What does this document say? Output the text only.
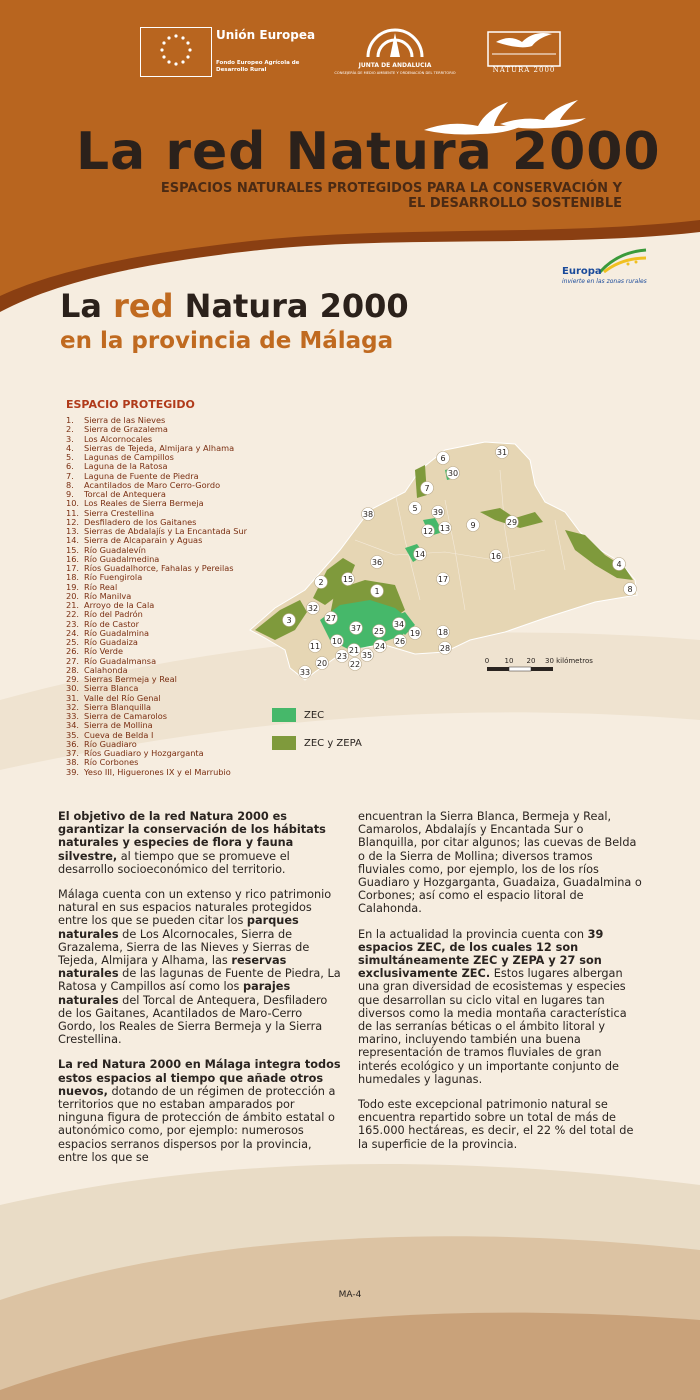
Unión Europea
Fondo Europeo Agrícola de Desarrollo Rural
JUNTA DE ANDALUCIA
CONSEJERÍA DE MEDIO AMBIENTE Y ORDENACIÓN DEL TERRITORIO	NATURA 2000
La red Natura 2000
ESPACIOS NATURALES PROTEGIDOS PARA LA CONSERVACIÓN Y
EL DESARROLLO SOSTENIBLE
Europa
invierte en las zonas rurales
La red Natura 2000
en la provincia de Málaga
ESPACIO PROTEGIDO
1.	Sierra de las Nieves
2.	Sierra de Grazalema
3.	Los Alcornocales
4.	Sierras de Tejeda, Almijara y Alhama
5.	Lagunas de Campillos
6.	Laguna de la Ratosa
7.	Laguna de Fuente de Piedra
8.	Acantilados de Maro Cerro-Gordo
9.	Torcal de Antequera
10. Los Reales de Sierra Bermeja
11. Sierra Crestellina
12. Desfiladero de los Gaitanes
13. Sierras de Abdalajís y La Encantada Sur
14. Sierra de Alcaparain y Aguas
15. Río Guadalevín
16. Río Guadalmedina
17. Ríos Guadalhorce, Fahalas y Pereilas
18. Río Fuengirola
19. Río Real
20. Río Manilva
21. Arroyo de la Cala
22. Río del Padrón
23. Río de Castor
24. Río Guadalmina
25. Río Guadaiza
26. Río Verde
27. Río Guadalmansa
28. Calahonda
29. Sierras Bermeja y Real
30. Sierra Blanca
31. Valle del Río Genal
32. Sierra Blanquilla
33. Sierra de Camarolos
34. Sierra de Mollina
35. Cueva de Belda I
36. Río Guadiaro
37. Ríos Guadiaro y Hozgarganta
38. Río Corbones
39. Yeso III, Higuerones IX y el Marrubio
1
2
3
4
5
6
7
8
9
10
11
12 13
14
15
16
17
18
19
20
21
22
23
24
25
26
27
28
29
30
31
32
33
34
35
36
37
38	39
0 10 20 30 kilómetros
ZEC
ZEC y ZEPA

El objetivo de la red Natura 2000 es garantizar la conservación de los hábitats naturales y especies de flora y fauna silvestre, al tiempo que se promueve el desarrollo socioeconómico del territorio.

Málaga cuenta con un extenso y rico patrimonio natural en sus espacios naturales protegidos entre los que se pueden citar los parques naturales de Los Alcornocales, Sierra de Grazalema, Sierra de las Nieves y Sierras de Tejeda, Almijara y Alhama, las reservas naturales de las lagunas de Fuente de Piedra, La Ratosa y Campillos así como los parajes naturales del Torcal de Antequera, Desfiladero de los Gaitanes, Acantilados de Maro-Cerro Gordo, los Reales de Sierra Bermeja y la Sierra Crestellina.

La red Natura 2000 en Málaga integra todos estos espacios al tiempo que añade otros nuevos, dotando de un régimen de protección a territorios que no estaban amparados por ninguna figura de protección de ámbito estatal o autonómico como, por ejemplo: numerosos espacios serranos dispersos por la provincia, entre los que se

encuentran la Sierra Blanca, Bermeja y Real, Camarolos, Abdalajís y Encantada Sur o Blanquilla, por citar algunos; las cuevas de Belda o de la Sierra de Mollina; diversos tramos fluviales como, por ejemplo, los de los ríos Guadiaro y Hozgarganta, Guadaiza, Guadalmina o Corbones; así como el espacio litoral de Calahonda.

En la actualidad la provincia cuenta con 39 espacios ZEC, de los cuales 12 son simultáneamente ZEC y ZEPA y 27 son exclusivamente ZEC. Estos lugares albergan una gran diversidad de ecosistemas y especies que desarrollan su ciclo vital en lugares tan diversos como la media montaña característica de las serranías béticas o el ámbito litoral y marino, incluyendo también una buena representación de tramos fluviales de gran interés ecológico y un importante conjunto de humedales y lagunas.

Todo este excepcional patrimonio natural se encuentra repartido sobre un total de más de 165.000 hectáreas, es decir, el 22 % del total de la superficie de la provincia.

MA-4
